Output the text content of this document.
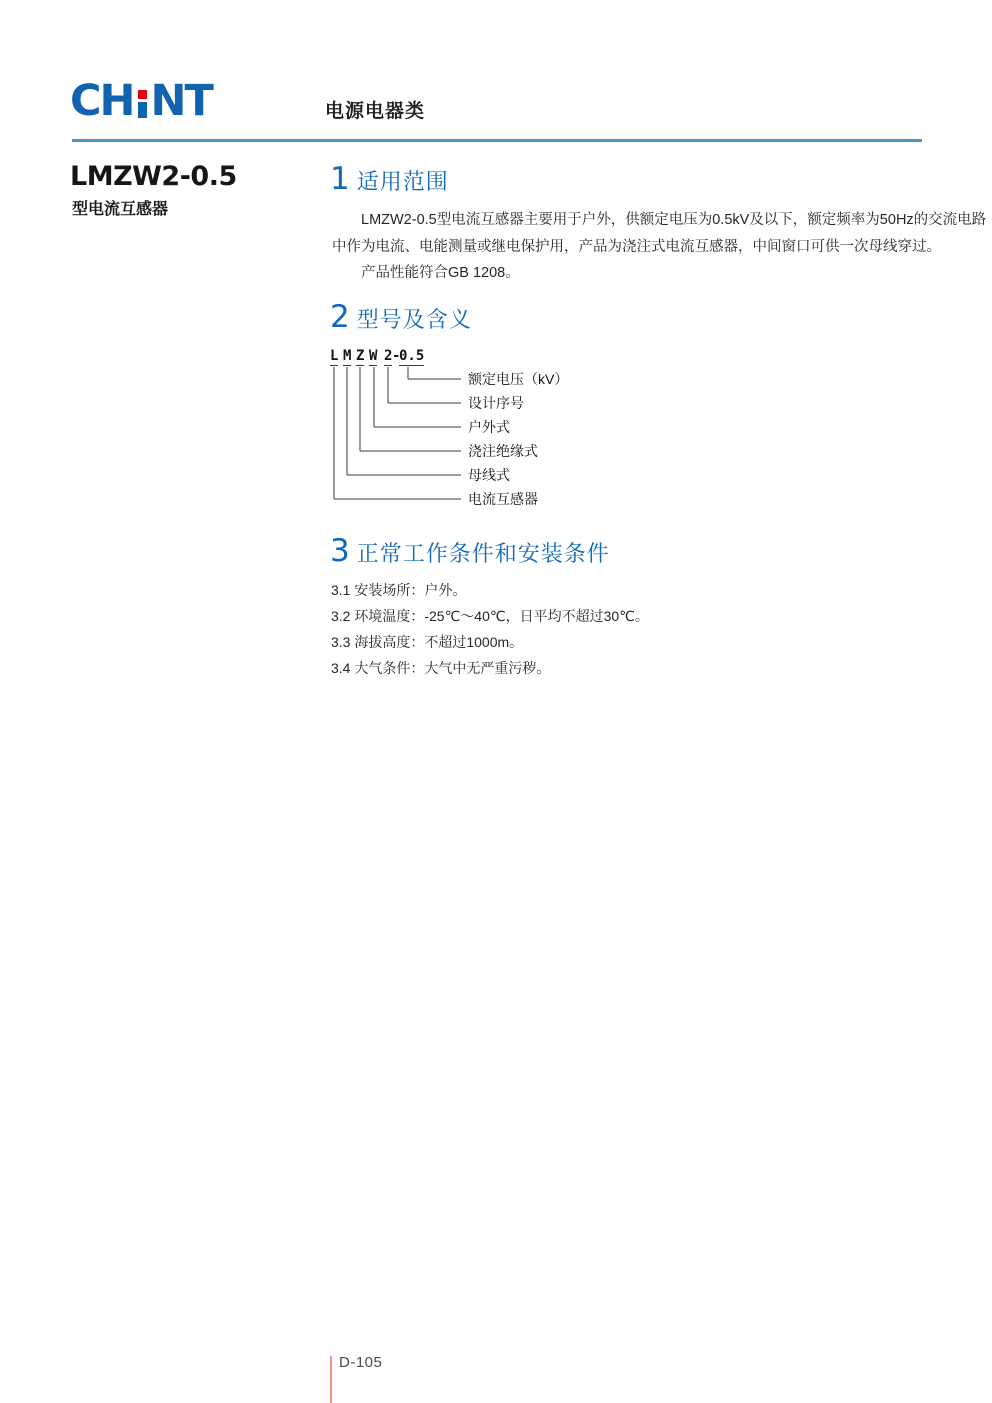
CH NT	电源电器类
LMZW2-0.5
型电流互感器
1 适用范围
LMZW2-0.5型电流互感器主要用于户外，供额定电压为0.5kV及以下，额定频率为50Hz的交流电路
中作为电流、电能测量或继电保护用，产品为浇注式电流互感器，中间窗口可供一次母线穿过。
产品性能符合GB 1208。
2 型号及含义
L M Z W 2 -
0.5
额定电压（kV）
设计序号
户外式
浇注绝缘式
母线式
电流互感器
3 正常工作条件和安装条件
3.1 安装场所：户外。
3.2 环境温度：-25℃～40℃，日平均不超过30℃。
3.3 海拔高度：不超过1000m。
3.4 大气条件：大气中无严重污秽。
D-105
